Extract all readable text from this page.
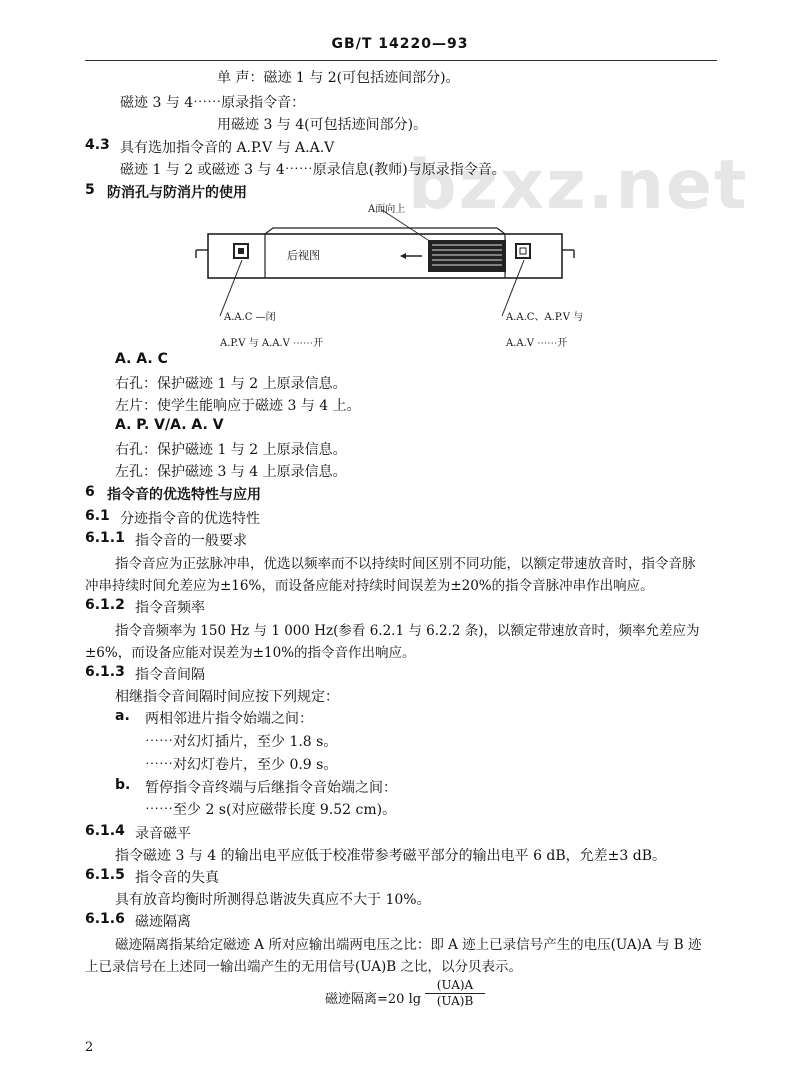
GB/T 14220—93
bzxz.net
单 声：磁迹 1 与 2(可包括迹间部分)。
磁迹 3 与 4⋯⋯原录指令音：
用磁迹 3 与 4(可包括迹间部分)。
4.3 具有选加指令音的 A.P.V 与 A.A.V
磁迹 1 与 2 或磁迹 3 与 4⋯⋯原录信息(教师)与原录指令音。
5 防消孔与防消片的使用
A面向上
后视图
A.A.C —闭
A.P.V 与 A.A.V ⋯⋯开
A.A.C、A.P.V 与
A.A.V ⋯⋯开
A. A. C
右孔：保护磁迹 1 与 2 上原录信息。
左片：使学生能响应于磁迹 3 与 4 上。
A. P. V/A. A. V
右孔：保护磁迹 1 与 2 上原录信息。
左孔：保护磁迹 3 与 4 上原录信息。
6 指令音的优选特性与应用
6.1 分迹指令音的优选特性
6.1.1 指令音的一般要求
指令音应为正弦脉冲串，优选以频率而不以持续时间区别不同功能，以额定带速放音时，指令音脉
冲串持续时间允差应为±16%，而设备应能对持续时间误差为±20%的指令音脉冲串作出响应。
6.1.2 指令音频率
指令音频率为 150 Hz 与 1 000 Hz(参看 6.2.1 与 6.2.2 条)，以额定带速放音时，频率允差应为
±6%，而设备应能对误差为±10%的指令音作出响应。
6.1.3 指令音间隔
相继指令音间隔时间应按下列规定：
a. 两相邻进片指令始端之间：
⋯⋯对幻灯插片，至少 1.8 s。
⋯⋯对幻灯卷片，至少 0.9 s。
b. 暂停指令音终端与后继指令音始端之间：
⋯⋯至少 2 s(对应磁带长度 9.52 cm)。
6.1.4 录音磁平
指令磁迹 3 与 4 的输出电平应低于校准带参考磁平部分的输出电平 6 dB，允差±3 dB。
6.1.5 指令音的失真
具有放音均衡时所测得总谐波失真应不大于 10%。
6.1.6 磁迹隔离
磁迹隔离指某给定磁迹 A 所对应输出端两电压之比：即 A 迹上已录信号产生的电压(UA)A 与 B 迹
上已录信号在上述同一输出端产生的无用信号(UA)B 之比，以分贝表示。
磁迹隔离=20 $\lg \frac{(UA)A}{(UA)B}$
2
